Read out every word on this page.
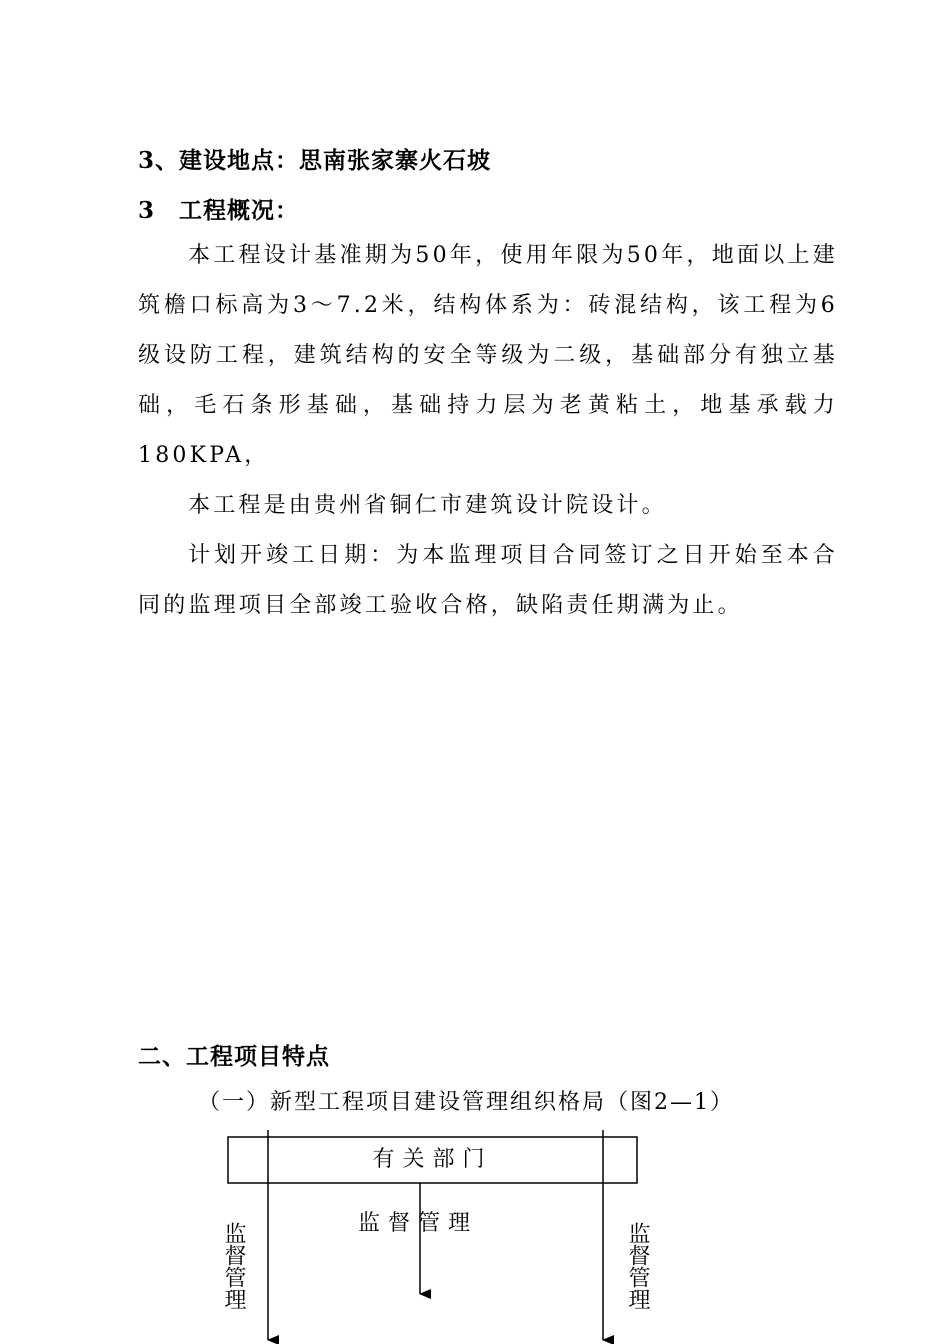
3、建设地点：思南张家寨火石坡
3　工程概况：
本工程设计基准期为50年，使用年限为50年，地面以上建筑檐口标高为3～7.2米，结构体系为：砖混结构，该工程为6级设防工程，建筑结构的安全等级为二级，基础部分有独立基础，毛石条形基础，基础持力层为老黄粘土，地基承载力180KPA，
本工程是由贵州省铜仁市建筑设计院设计。
计划开竣工日期：为本监理项目合同签订之日开始至本合同的监理项目全部竣工验收合格，缺陷责任期满为止。
二、工程项目特点
（一）新型工程项目建设管理组织格局（图2—1）
有关部门
监督管理
监督管理	监督管理
